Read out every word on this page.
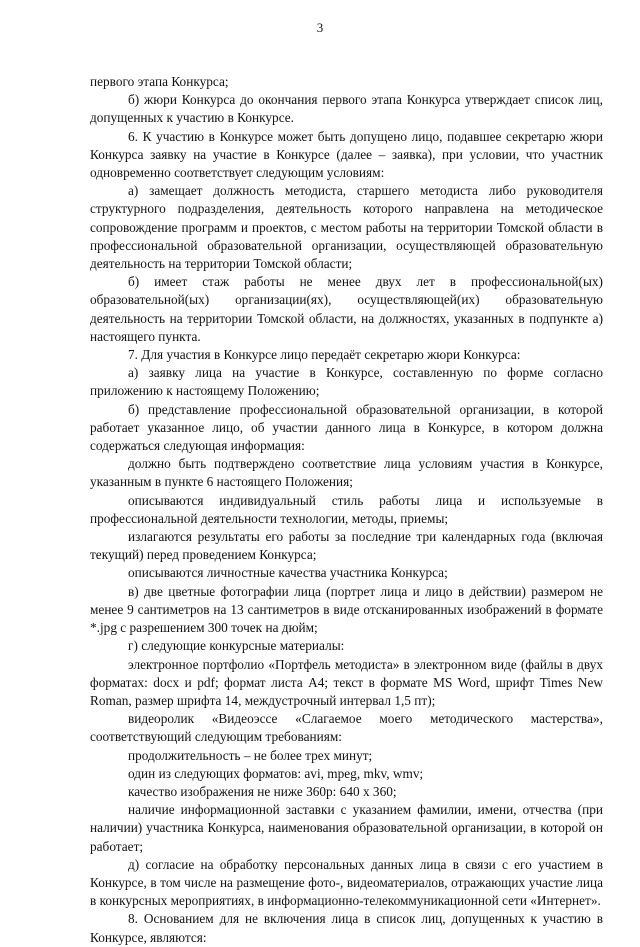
3

первого этапа Конкурса;

б) жюри Конкурса до окончания первого этапа Конкурса утверждает список лиц, допущенных к участию в Конкурсе.

6. К участию в Конкурсе может быть допущено лицо, подавшее секретарю жюри Конкурса заявку на участие в Конкурсе (далее – заявка), при условии, что участник одновременно соответствует следующим условиям:

а) замещает должность методиста, старшего методиста либо руководителя структурного подразделения, деятельность которого направлена на методическое сопровождение программ и проектов, с местом работы на территории Томской области в профессиональной образовательной организации, осуществляющей образовательную деятельность на территории Томской области;

б) имеет стаж работы не менее двух лет в профессиональной(ых) образовательной(ых) организации(ях), осуществляющей(их) образовательную деятельность на территории Томской области, на должностях, указанных в подпункте а) настоящего пункта.

7. Для участия в Конкурсе лицо передаёт секретарю жюри Конкурса:

а) заявку лица на участие в Конкурсе, составленную по форме согласно приложению к настоящему Положению;

б) представление профессиональной образовательной организации, в которой работает указанное лицо, об участии данного лица в Конкурсе, в котором должна содержаться следующая информация:

должно быть подтверждено соответствие лица условиям участия в Конкурсе, указанным в пункте 6 настоящего Положения;

описываются индивидуальный стиль работы лица и используемые в профессиональной деятельности технологии, методы, приемы;

излагаются результаты его работы за последние три календарных года (включая текущий) перед проведением Конкурса;

описываются личностные качества участника Конкурса;

в) две цветные фотографии лица (портрет лица и лицо в действии) размером не менее 9 сантиметров на 13 сантиметров в виде отсканированных изображений в формате *.jpg с разрешением 300 точек на дюйм;

г) следующие конкурсные материалы:

электронное портфолио «Портфель методиста» в электронном виде (файлы в двух форматах: docx и pdf; формат листа А4; текст в формате MS Word, шрифт Times New Roman, размер шрифта 14, междустрочный интервал 1,5 пт);

видеоролик «Видеоэссе «Слагаемое моего методического мастерства», соответствующий следующим требованиям:

продолжительность – не более трех минут;

один из следующих форматов: avi, mpeg, mkv, wmv;

качество изображения не ниже 360р: 640 х 360;

наличие информационной заставки с указанием фамилии, имени, отчества (при наличии) участника Конкурса, наименования образовательной организации, в которой он работает;

д) согласие на обработку персональных данных лица в связи с его участием в Конкурсе, в том числе на размещение фото-, видеоматериалов, отражающих участие лица в конкурсных мероприятиях, в информационно-телекоммуникационной сети «Интернет».

8. Основанием для не включения лица в список лиц, допущенных к участию в Конкурсе, являются:
